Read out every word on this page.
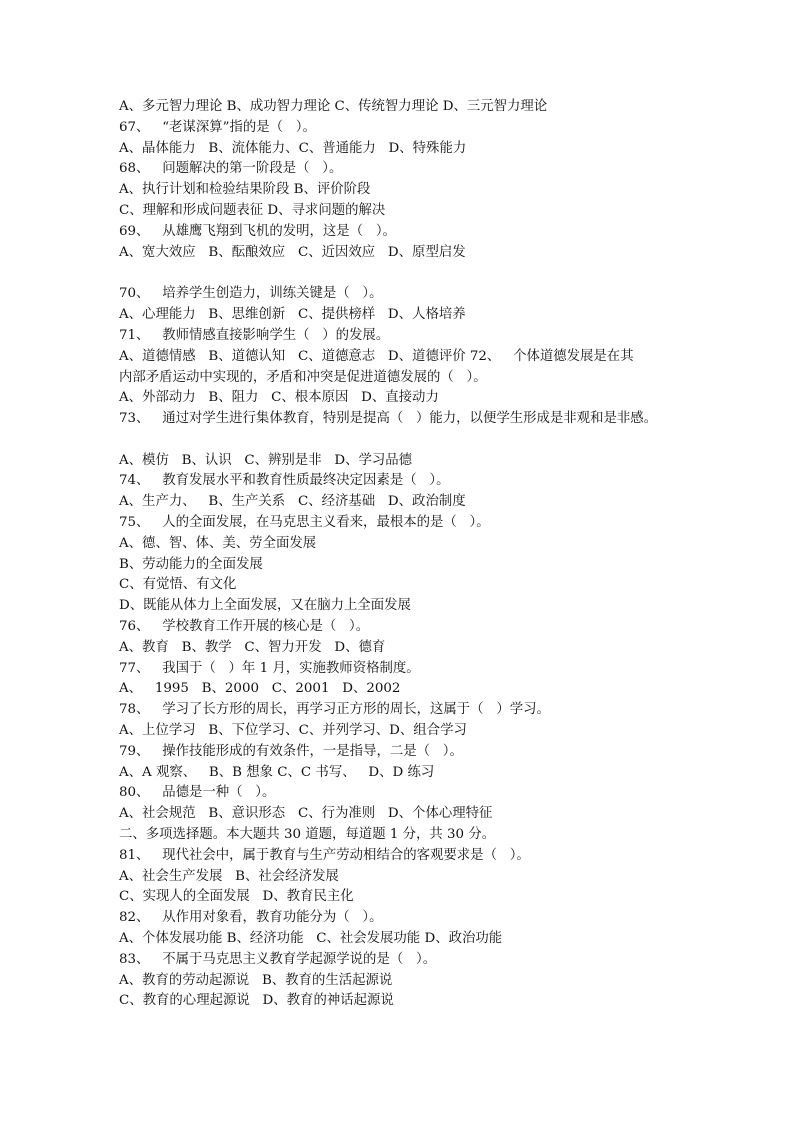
A、多元智力理论 B、成功智力理论 C、传统智力理论 D、三元智力理论
67、   “老谋深算”指的是（   ）。
A、晶体能力   B、流体能力、C、普通能力   D、特殊能力
68、   问题解决的第一阶段是（   ）。
A、执行计划和检验结果阶段 B、评价阶段
C、理解和形成问题表征 D、寻求问题的解决
69、   从雄鹰飞翔到飞机的发明，这是（   ）。
A、宽大效应   B、酝酿效应   C、近因效应   D、原型启发
70、   培养学生创造力，训练关键是（   ）。
A、心理能力   B、思维创新   C、提供榜样   D、人格培养
71、   教师情感直接影响学生（   ）的发展。
A、道德情感   B、道德认知   C、道德意志   D、道德评价 72、   个体道德发展是在其
内部矛盾运动中实现的，矛盾和冲突是促进道德发展的（   ）。
A、外部动力   B、阻力   C、根本原因   D、直接动力
73、   通过对学生进行集体教育，特别是提高（   ）能力，以便学生形成是非观和是非感。
A、模仿   B、认识   C、辨别是非   D、学习品德
74、   教育发展水平和教育性质最终决定因素是（   ）。
A、生产力、   B、生产关系   C、经济基础   D、政治制度
75、   人的全面发展，在马克思主义看来，最根本的是（   ）。
A、德、智、体、美、劳全面发展
B、劳动能力的全面发展
C、有觉悟、有文化
D、既能从体力上全面发展，又在脑力上全面发展
76、   学校教育工作开展的核心是（   ）。
A、教育   B、教学   C、智力开发   D、德育
77、   我国于（   ）年 1 月，实施教师资格制度。
A、   1995   B、2000   C、2001   D、2002
78、   学习了长方形的周长，再学习正方形的周长，这属于（   ）学习。
A、上位学习   B、下位学习、C、并列学习、D、组合学习
79、   操作技能形成的有效条件，一是指导，二是（   ）。
A、A 观察、   B、B 想象 C、C 书写、   D、D 练习
80、   品德是一种（   ）。
A、社会规范   B、意识形态   C、行为准则   D、个体心理特征
二、多项选择题。本大题共 30 道题，每道题 1 分，共 30 分。
81、   现代社会中，属于教育与生产劳动相结合的客观要求是（   ）。
A、社会生产发展   B、社会经济发展
C、实现人的全面发展   D、教育民主化
82、   从作用对象看，教育功能分为（   ）。
A、个体发展功能 B、经济功能   C、社会发展功能 D、政治功能
83、   不属于马克思主义教育学起源学说的是（   ）。
A、教育的劳动起源说   B、教育的生活起源说
C、教育的心理起源说   D、教育的神话起源说
